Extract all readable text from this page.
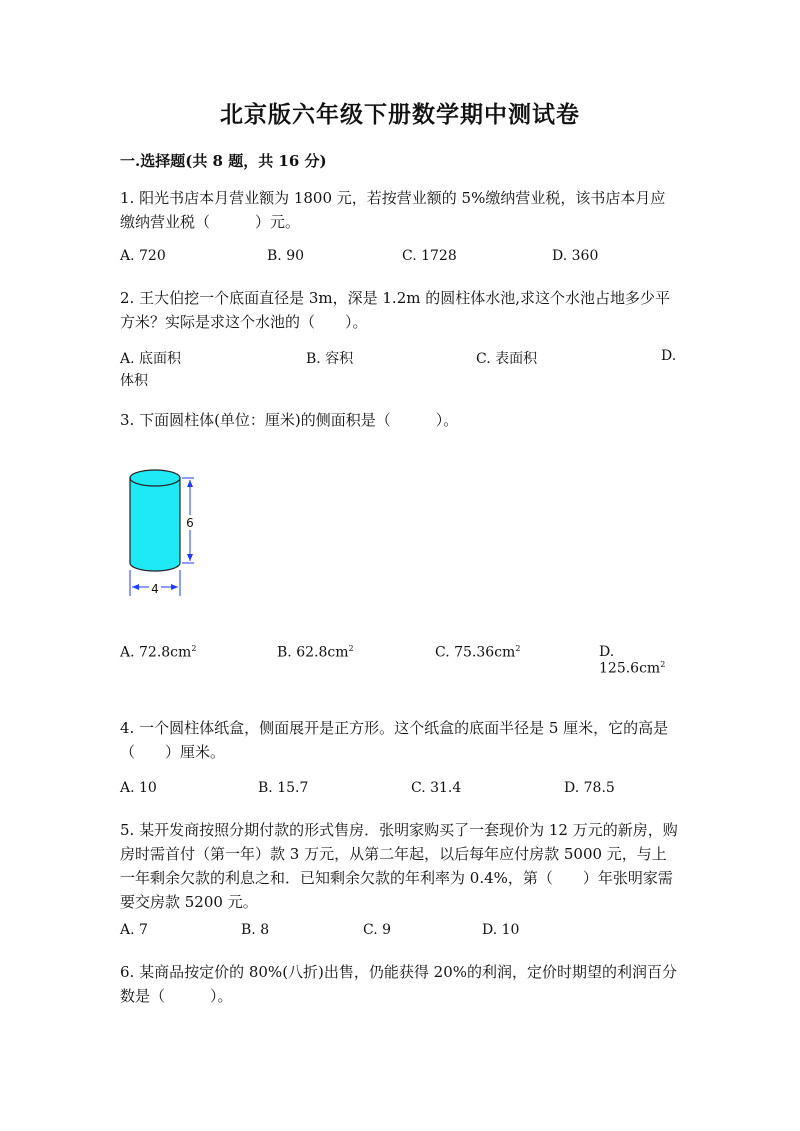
北京版六年级下册数学期中测试卷
一.选择题(共 8 题，共 16 分)
1. 阳光书店本月营业额为 1800 元，若按营业额的 5%缴纳营业税，该书店本月应缴纳营业税（　　　）元。
A. 720	B. 90	C. 1728	D. 360
2. 王大伯挖一个底面直径是 3m，深是 1.2m 的圆柱体水池,求这个水池占地多少平方米？实际是求这个水池的（　　）。
A. 底面积	B. 容积	C. 表面积	D.
体积
3. 下面圆柱体(单位：厘米)的侧面积是（　　　）。
6
4
A. $72.8cm^2$	B. $62.8cm^2$	C. $75.36cm^2$	D. $125.6cm^2$
4. 一个圆柱体纸盒，侧面展开是正方形。这个纸盒的底面半径是 5 厘米，它的高是（　　）厘米。
A. 10	B. 15.7	C. 31.4	D. 78.5
5. 某开发商按照分期付款的形式售房．张明家购买了一套现价为 12 万元的新房，购房时需首付（第一年）款 3 万元，从第二年起，以后每年应付房款 5000 元，与上一年剩余欠款的利息之和．已知剩余欠款的年利率为 0.4%，第（　　）年张明家需要交房款 5200 元。
A. 7	B. 8	C. 9	D. 10
6. 某商品按定价的 80%(八折)出售，仍能获得 20%的利润，定价时期望的利润百分数是（　　　）。
